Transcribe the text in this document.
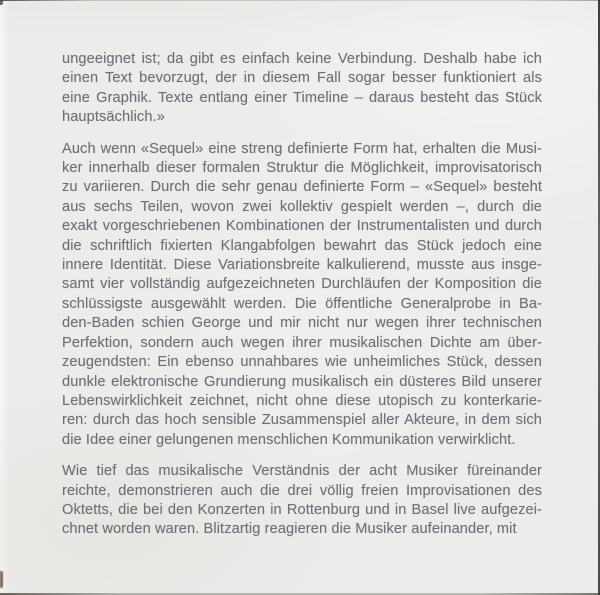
ungeeignet ist; da gibt es einfach keine Verbindung. Deshalb habe ich
einen Text bevorzugt, der in diesem Fall sogar besser funktioniert als
eine Graphik. Texte entlang einer Timeline – daraus besteht das Stück
hauptsächlich.»

Auch wenn «Sequel» eine streng definierte Form hat, erhalten die Musi-
ker innerhalb dieser formalen Struktur die Möglichkeit, improvisatorisch
zu variieren. Durch die sehr genau definierte Form – «Sequel» besteht
aus sechs Teilen, wovon zwei kollektiv gespielt werden –, durch die
exakt vorgeschriebenen Kombinationen der Instrumentalisten und durch
die schriftlich fixierten Klangabfolgen bewahrt das Stück jedoch eine
innere Identität. Diese Variationsbreite kalkulierend, musste aus insge-
samt vier vollständig aufgezeichneten Durchläufen der Komposition die
schlüssigste ausgewählt werden. Die öffentliche Generalprobe in Ba-
den-Baden schien George und mir nicht nur wegen ihrer technischen
Perfektion, sondern auch wegen ihrer musikalischen Dichte am über-
zeugendsten: Ein ebenso unnahbares wie unheimliches Stück, dessen
dunkle elektronische Grundierung musikalisch ein düsteres Bild unserer
Lebenswirklichkeit zeichnet, nicht ohne diese utopisch zu konterkarie-
ren: durch das hoch sensible Zusammenspiel aller Akteure, in dem sich
die Idee einer gelungenen menschlichen Kommunikation verwirklicht.

Wie tief das musikalische Verständnis der acht Musiker füreinander
reichte, demonstrieren auch die drei völlig freien Improvisationen des
Oktetts, die bei den Konzerten in Rottenburg und in Basel live aufgezei-
chnet worden waren. Blitzartig reagieren die Musiker aufeinander, mit
